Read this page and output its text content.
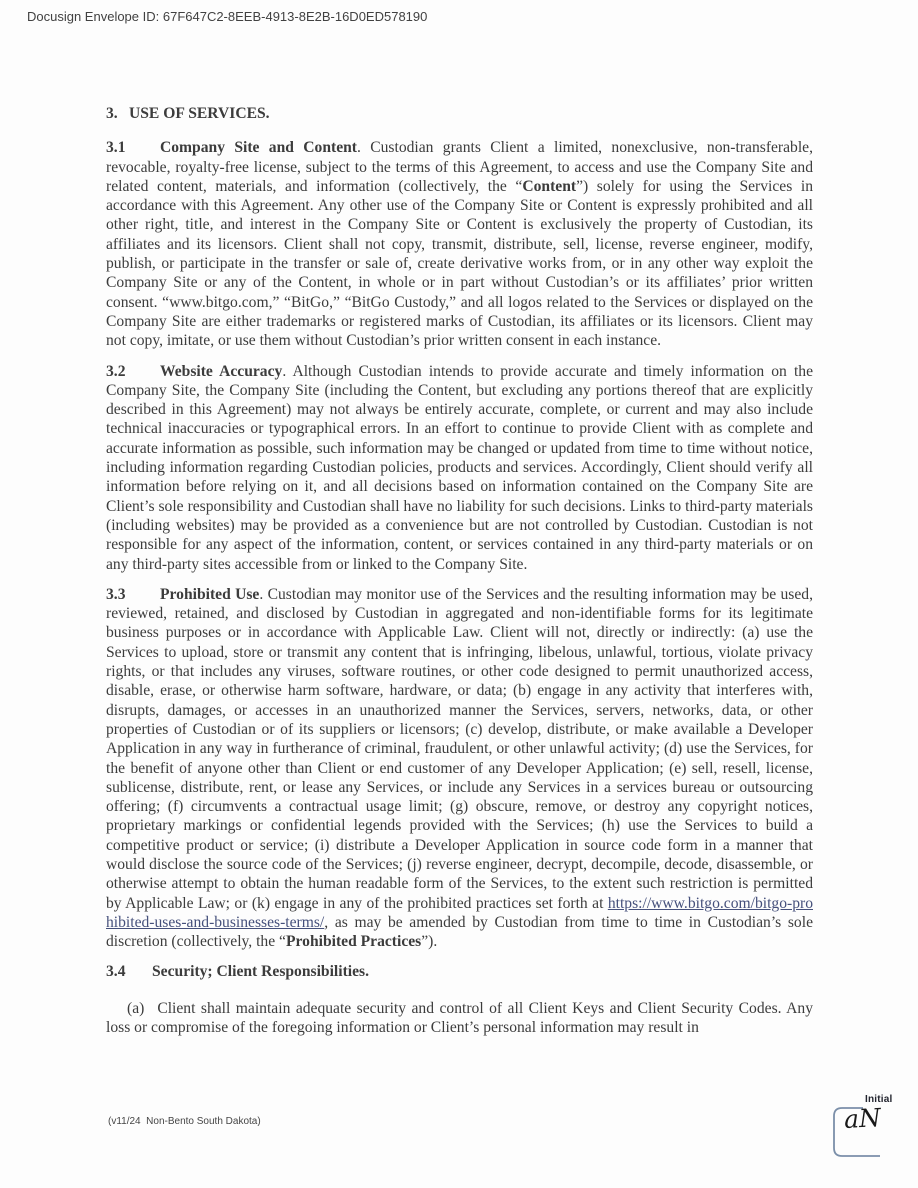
Docusign Envelope ID: 67F647C2-8EEB-4913-8E2B-16D0ED578190
3. USE OF SERVICES.

3.1 Company Site and Content. Custodian grants Client a limited, nonexclusive, non-transferable, revocable, royalty-free license, subject to the terms of this Agreement, to access and use the Company Site and related content, materials, and information (collectively, the “Content”) solely for using the Services in accordance with this Agreement. Any other use of the Company Site or Content is expressly prohibited and all other right, title, and interest in the Company Site or Content is exclusively the property of Custodian, its affiliates and its licensors. Client shall not copy, transmit, distribute, sell, license, reverse engineer, modify, publish, or participate in the transfer or sale of, create derivative works from, or in any other way exploit the Company Site or any of the Content, in whole or in part without Custodian’s or its affiliates’ prior written consent. “www.bitgo.com,” “BitGo,” “BitGo Custody,” and all logos related to the Services or displayed on the Company Site are either trademarks or registered marks of Custodian, its affiliates or its licensors. Client may not copy, imitate, or use them without Custodian’s prior written consent in each instance.

3.2 Website Accuracy. Although Custodian intends to provide accurate and timely information on the Company Site, the Company Site (including the Content, but excluding any portions thereof that are explicitly described in this Agreement) may not always be entirely accurate, complete, or current and may also include technical inaccuracies or typographical errors. In an effort to continue to provide Client with as complete and accurate information as possible, such information may be changed or updated from time to time without notice, including information regarding Custodian policies, products and services. Accordingly, Client should verify all information before relying on it, and all decisions based on information contained on the Company Site are Client’s sole responsibility and Custodian shall have no liability for such decisions. Links to third-party materials (including websites) may be provided as a convenience but are not controlled by Custodian. Custodian is not responsible for any aspect of the information, content, or services contained in any third-party materials or on any third-party sites accessible from or linked to the Company Site.

3.3 Prohibited Use. Custodian may monitor use of the Services and the resulting information may be used, reviewed, retained, and disclosed by Custodian in aggregated and non-identifiable forms for its legitimate business purposes or in accordance with Applicable Law. Client will not, directly or indirectly: (a) use the Services to upload, store or transmit any content that is infringing, libelous, unlawful, tortious, violate privacy rights, or that includes any viruses, software routines, or other code designed to permit unauthorized access, disable, erase, or otherwise harm software, hardware, or data; (b) engage in any activity that interferes with, disrupts, damages, or accesses in an unauthorized manner the Services, servers, networks, data, or other properties of Custodian or of its suppliers or licensors; (c) develop, distribute, or make available a Developer Application in any way in furtherance of criminal, fraudulent, or other unlawful activity; (d) use the Services, for the benefit of anyone other than Client or end customer of any Developer Application; (e) sell, resell, license, sublicense, distribute, rent, or lease any Services, or include any Services in a services bureau or outsourcing offering; (f) circumvents a contractual usage limit; (g) obscure, remove, or destroy any copyright notices, proprietary markings or confidential legends provided with the Services; (h) use the Services to build a competitive product or service; (i) distribute a Developer Application in source code form in a manner that would disclose the source code of the Services; (j) reverse engineer, decrypt, decompile, decode, disassemble, or otherwise attempt to obtain the human readable form of the Services, to the extent such restriction is permitted by Applicable Law; or (k) engage in any of the prohibited practices set forth at https://www.bitgo.com/bitgo-prohibited-uses-and-businesses-terms/, as may be amended by Custodian from time to time in Custodian’s sole discretion (collectively, the “Prohibited Practices”).

3.4 Security; Client Responsibilities.

(a) Client shall maintain adequate security and control of all Client Keys and Client Security Codes. Any loss or compromise of the foregoing information or Client’s personal information may result in

(v11/24  Non-Bento South Dakota)
Initial
aN
